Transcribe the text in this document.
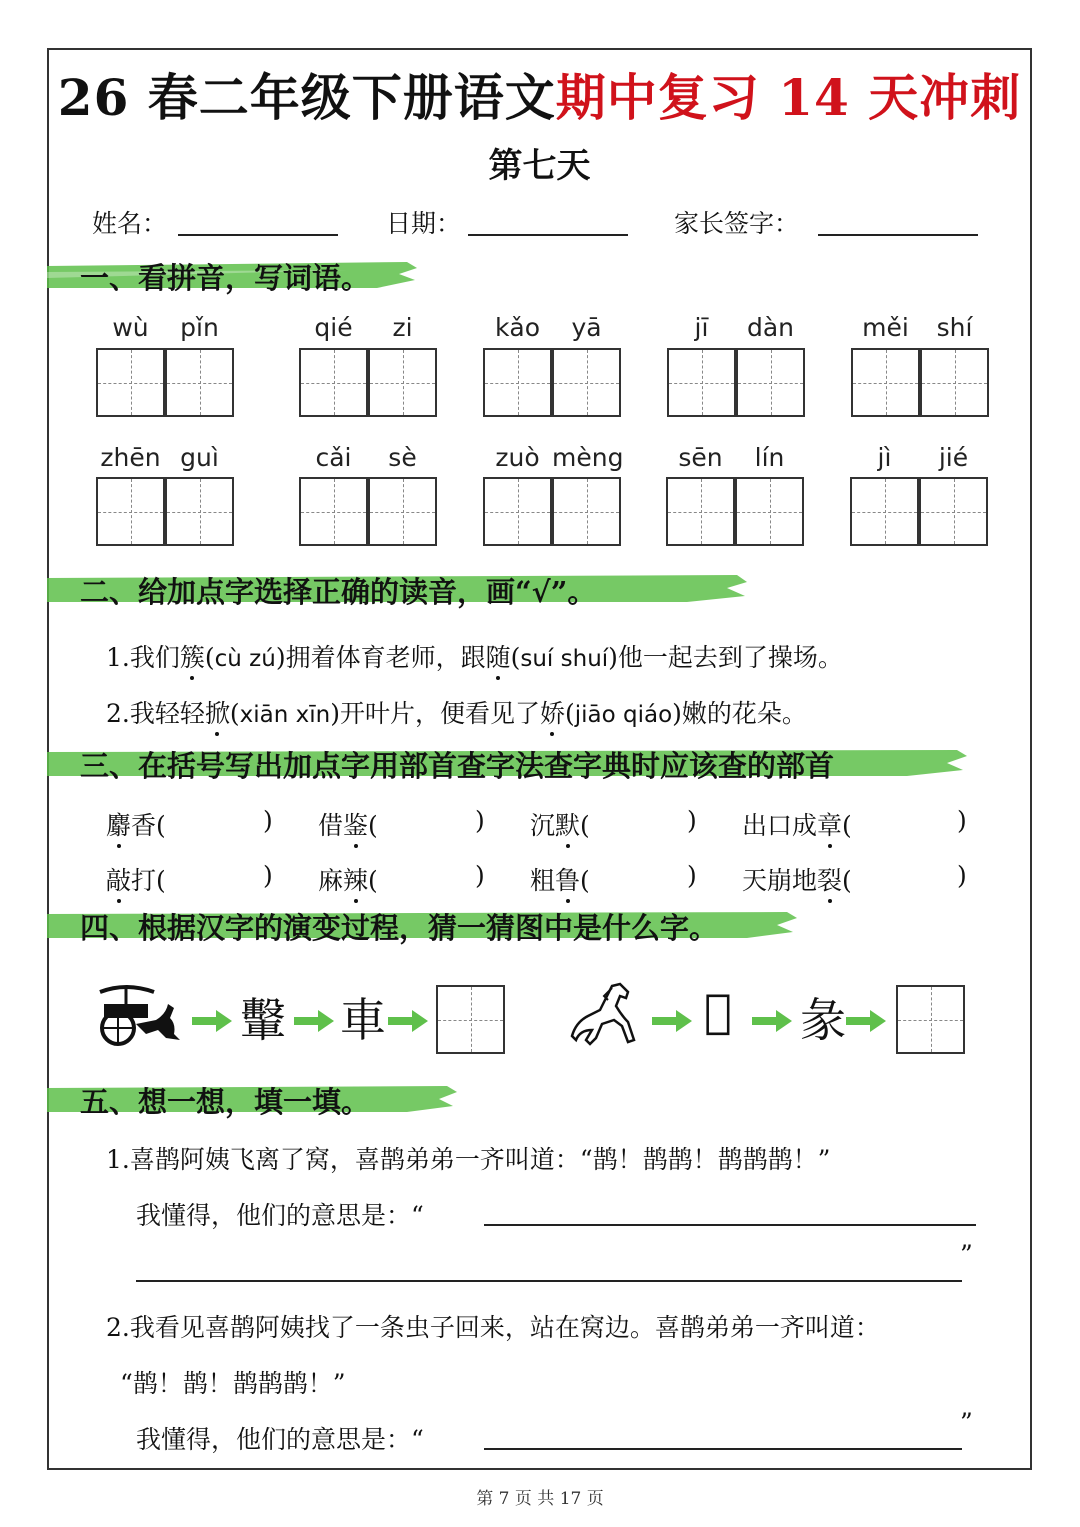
26 春二年级下册语文期中复习 14 天冲刺
第七天
姓名：	日期：	家长签字：
一、看拼音，写词语。
wù	pǐn	qié	zi	kǎo	yā	jī	dàn	měi	shí
zhēn guì	cǎi	sè	zuò mèng	sēn	lín	jì	jié
二、给加点字选择正确的读音，画“√”。
1.我们簇(cù zú)拥着体育老师，跟随(suí shuí)他一起去到了操场。
2.我轻轻掀(xiān xīn)开叶片，便看见了娇(jiāo qiáo)嫩的花朵。
三、在括号写出加点字用部首查字法查字典时应该查的部首
麝香(	) 借鉴(	) 沉默(	) 出口成章(	)
敲打(	) 麻辣(	) 粗鲁(	) 天崩地裂(	)
四、根据汉字的演变过程，猜一猜图中是什么字。
轚 車	𢑚 彖
五、想一想，填一填。
1.喜鹊阿姨飞离了窝，喜鹊弟弟一齐叫道：“鹊！鹊鹊！鹊鹊鹊！”
我懂得，他们的意思是：“
”
2.我看见喜鹊阿姨找了一条虫子回来，站在窝边。喜鹊弟弟一齐叫道：
“鹊！鹊！鹊鹊鹊！”
我懂得，他们的意思是：“
”
第 7 页 共 17 页
